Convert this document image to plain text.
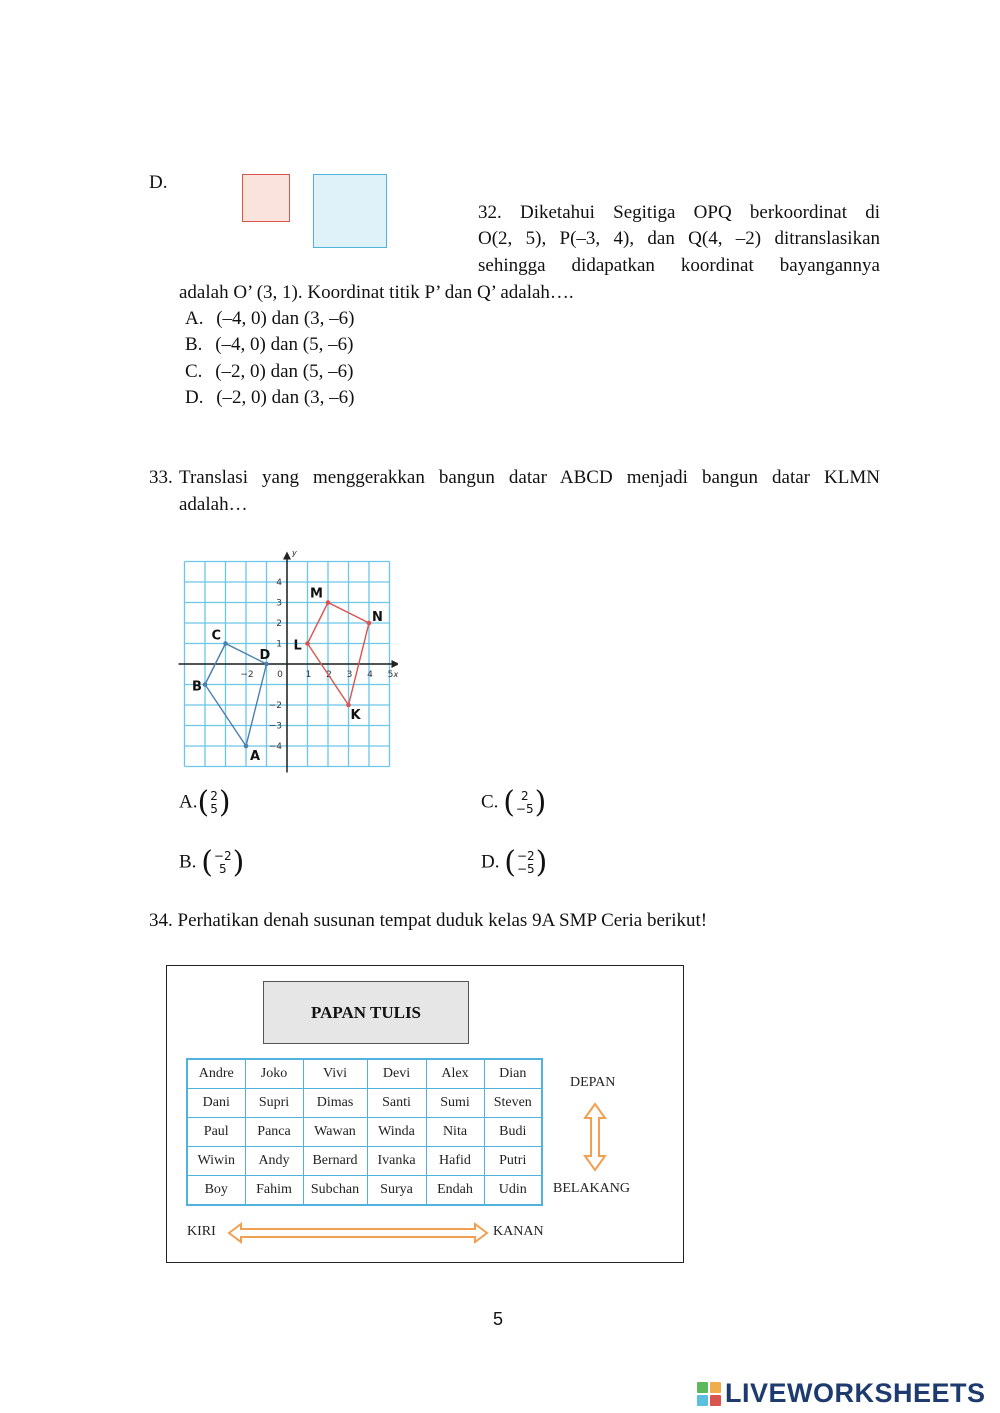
D.
32. Diketahui Segitiga OPQ berkoordinat di
O(2, 5), P(–3, 4), dan Q(4, –2) ditranslasikan
sehingga didapatkan koordinat bayangannya
adalah O’ (3, 1). Koordinat titik P’ dan Q’ adalah….
A. (–4, 0) dan (3, –6)
B. (–4, 0) dan (5, –6)
C. (–2, 0) dan (5, –6)
D. (–2, 0) dan (3, –6)
33. Translasi yang menggerakkan bangun datar ABCD menjadi bangun datar KLMN
adalah…
y
x
−2	0	1 2 3 4 5
4
3
2
1
−2
−3
−4
A
B
C
D
K
L
M
N
A. ( 2
5 )	C. ( 2
−5 )
B. ( −2
5 )	D. ( −2
−5 )
34. Perhatikan denah susunan tempat duduk kelas 9A SMP Ceria berikut!
PAPAN TULIS
Andre	Joko	Vivi	Devi	Alex	Dian
Dani	Supri	Dimas	Santi	Sumi	Steven
Paul	Panca	Wawan	Winda	Nita	Budi
Wiwin	Andy	Bernard	Ivanka	Hafid	Putri
Boy	Fahim	Subchan	Surya	Endah	Udin
DEPAN
BELAKANG
KIRI	KANAN
5
LIVEWORKSHEETS
